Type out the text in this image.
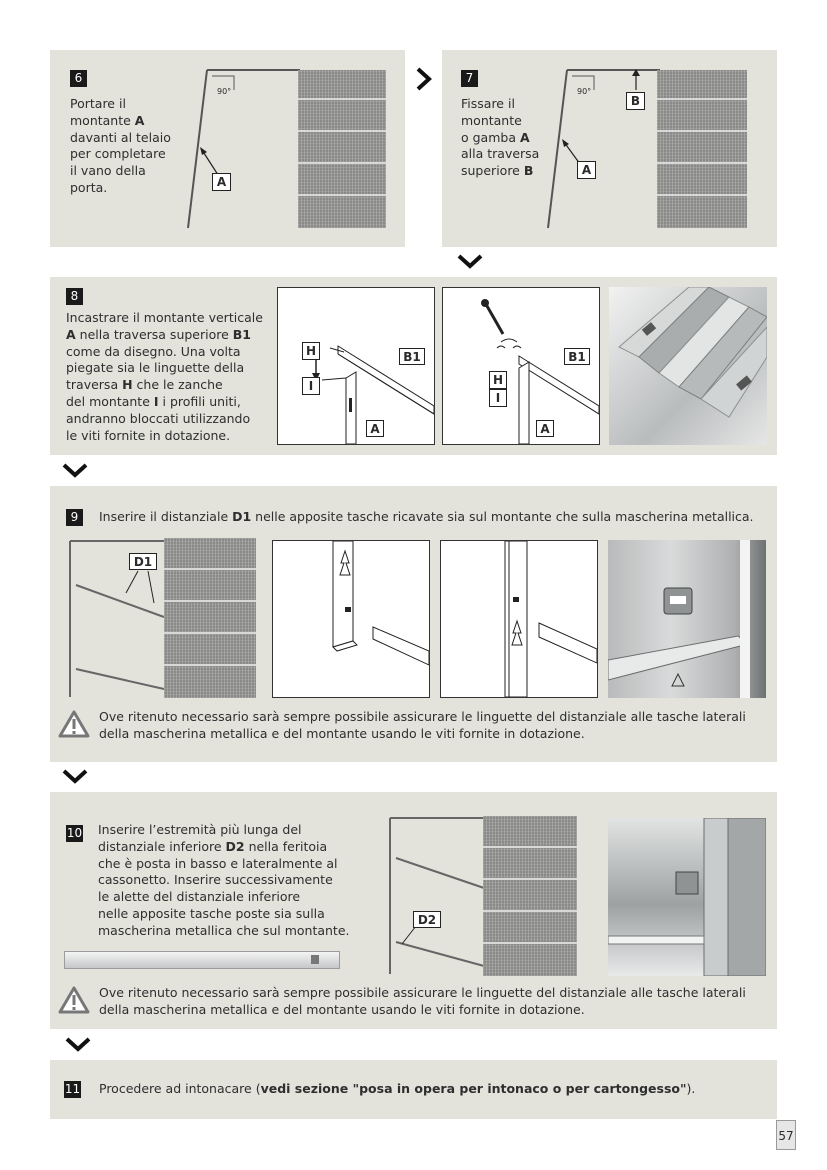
6
Portare il
montante A
davanti al telaio
per completare
il vano della
porta.
90°
A
7
Fissare il
montante
o gamba A
alla traversa
superiore B
90°
B
A
8
Incastrare il montante verticale
A nella traversa superiore B1
come da disegno. Una volta
piegate sia le linguette della
traversa H che le zanche
del montante I i profili uniti,
andranno bloccati utilizzando
le viti fornite in dotazione.
H
I
B1
A
H
I
B1
A
9	Inserire il distanziale D1 nelle apposite tasche ricavate sia sul montante che sulla mascherina metallica.
D1
Ove ritenuto necessario sarà sempre possibile assicurare le linguette del distanziale alle tasche laterali
della mascherina metallica e del montante usando le viti fornite in dotazione.
10 Inserire l’estremità più lunga del
distanziale inferiore D2 nella feritoia
che è posta in basso e lateralmente al
cassonetto. Inserire successivamente
le alette del distanziale inferiore
nelle apposite tasche poste sia sulla
mascherina metallica che sul montante.
D2
Ove ritenuto necessario sarà sempre possibile assicurare le linguette del distanziale alle tasche laterali
della mascherina metallica e del montante usando le viti fornite in dotazione.
11 Procedere ad intonacare (vedi sezione "posa in opera per intonaco o per cartongesso").
57
